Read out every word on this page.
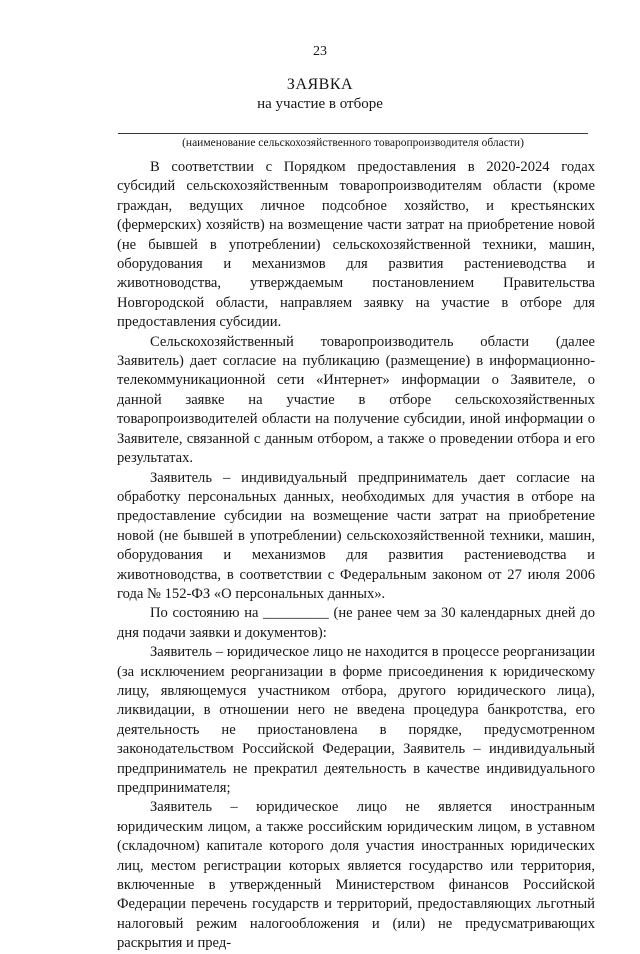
23
ЗАЯВКА
на участие в отборе
(наименование сельскохозяйственного товаропроизводителя области)

В соответствии с Порядком предоставления в 2020-2024 годах субсидий сельскохозяйственным товаропроизводителям области (кроме граждан, ведущих личное подсобное хозяйство, и крестьянских (фермерских) хозяйств) на возмещение части затрат на приобретение новой (не бывшей в употреблении) сельскохозяйственной техники, машин, оборудования и механизмов для развития растениеводства и животноводства, утверждаемым постановлением Правительства Новгородской области, направляем заявку на участие в отборе для предоставления субсидии.

Сельскохозяйственный товаропроизводитель области (далее Заявитель) дает согласие на публикацию (размещение) в информационно-телекоммуникационной сети «Интернет» информации о Заявителе, о данной заявке на участие в отборе сельскохозяйственных товаропроизводителей области на получение субсидии, иной информации о Заявителе, связанной с данным отбором, а также о проведении отбора и его результатах.

Заявитель – индивидуальный предприниматель дает согласие на обработку персональных данных, необходимых для участия в отборе на предоставление субсидии на возмещение части затрат на приобретение новой (не бывшей в употреблении) сельскохозяйственной техники, машин, оборудования и механизмов для развития растениеводства и животноводства, в соответствии с Федеральным законом от 27 июля 2006 года № 152-ФЗ «О персональных данных».

По состоянию на _________ (не ранее чем за 30 календарных дней до дня подачи заявки и документов):

Заявитель – юридическое лицо не находится в процессе реорганизации (за исключением реорганизации в форме присоединения к юридическому лицу, являющемуся участником отбора, другого юридического лица), ликвидации, в отношении него не введена процедура банкротства, его деятельность не приостановлена в порядке, предусмотренном законодательством Российской Федерации, Заявитель – индивидуальный предприниматель не прекратил деятельность в качестве индивидуального предпринимателя;

Заявитель – юридическое лицо не является иностранным юридическим лицом, а также российским юридическим лицом, в уставном (складочном) капитале которого доля участия иностранных юридических лиц, местом регистрации которых является государство или территория, включенные в утвержденный Министерством финансов Российской Федерации перечень государств и территорий, предоставляющих льготный налоговый режим налогообложения и (или) не предусматривающих раскрытия и пред-
